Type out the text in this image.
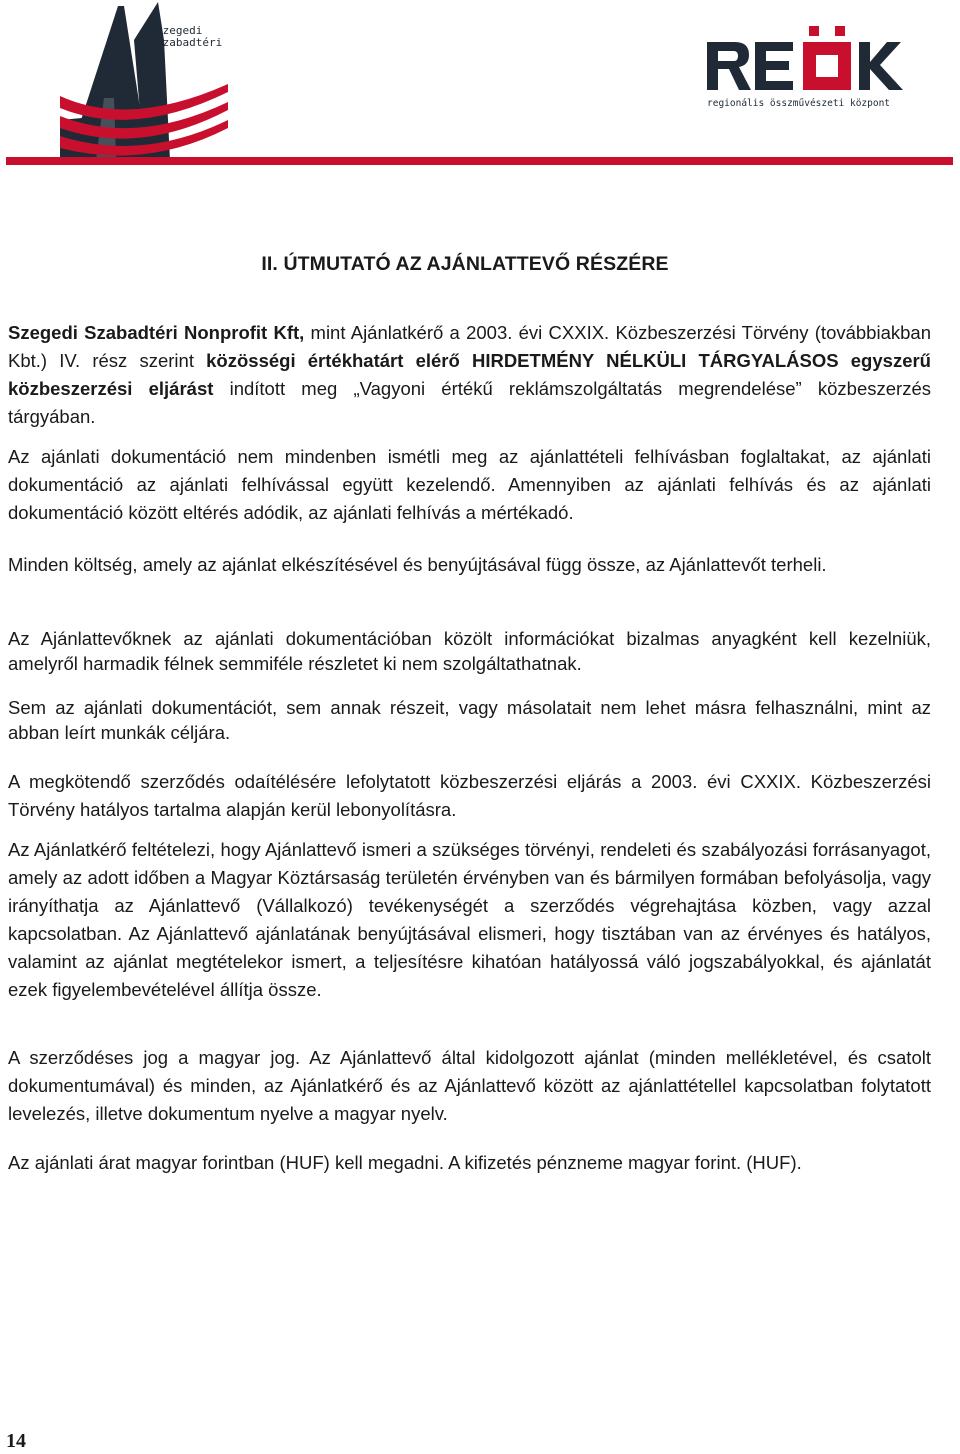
szegedi
szabadtéri
regionális összművészeti központ
II. ÚTMUTATÓ AZ AJÁNLATTEVŐ RÉSZÉRE

Szegedi Szabadtéri Nonprofit Kft, mint Ajánlatkérő a 2003. évi CXXIX. Közbeszerzési Törvény (továbbiakban Kbt.) IV. rész szerint közösségi értékhatárt elérő HIRDETMÉNY NÉLKÜLI TÁRGYALÁSOS egyszerű közbeszerzési eljárást indított meg „Vagyoni értékű reklámszolgáltatás megrendelése” közbeszerzés tárgyában.

Az ajánlati dokumentáció nem mindenben ismétli meg az ajánlattételi felhívásban foglaltakat, az ajánlati dokumentáció az ajánlati felhívással együtt kezelendő. Amennyiben az ajánlati felhívás és az ajánlati dokumentáció között eltérés adódik, az ajánlati felhívás a mértékadó.

Minden költség, amely az ajánlat elkészítésével és benyújtásával függ össze, az Ajánlattevőt terheli.

Az Ajánlattevőknek az ajánlati dokumentációban közölt információkat bizalmas anyagként kell kezelniük, amelyről harmadik félnek semmiféle részletet ki nem szolgáltathatnak.

Sem az ajánlati dokumentációt, sem annak részeit, vagy másolatait nem lehet másra felhasználni, mint az abban leírt munkák céljára.

A megkötendő szerződés odaítélésére lefolytatott közbeszerzési eljárás a 2003. évi CXXIX. Közbeszerzési Törvény hatályos tartalma alapján kerül lebonyolításra.

Az Ajánlatkérő feltételezi, hogy Ajánlattevő ismeri a szükséges törvényi, rendeleti és szabályozási forrásanyagot, amely az adott időben a Magyar Köztársaság területén érvényben van és bármilyen formában befolyásolja, vagy irányíthatja az Ajánlattevő (Vállalkozó) tevékenységét a szerződés végrehajtása közben, vagy azzal kapcsolatban. Az Ajánlattevő ajánlatának benyújtásával elismeri, hogy tisztában van az érvényes és hatályos, valamint az ajánlat megtételekor ismert, a teljesítésre kihatóan hatályossá váló jogszabályokkal, és ajánlatát ezek figyelembevételével állítja össze.

A szerződéses jog a magyar jog. Az Ajánlattevő által kidolgozott ajánlat (minden mellékletével, és csatolt dokumentumával) és minden, az Ajánlatkérő és az Ajánlattevő között az ajánlattétellel kapcsolatban folytatott levelezés, illetve dokumentum nyelve a magyar nyelv.

Az ajánlati árat magyar forintban (HUF) kell megadni. A kifizetés pénzneme magyar forint. (HUF).

14
